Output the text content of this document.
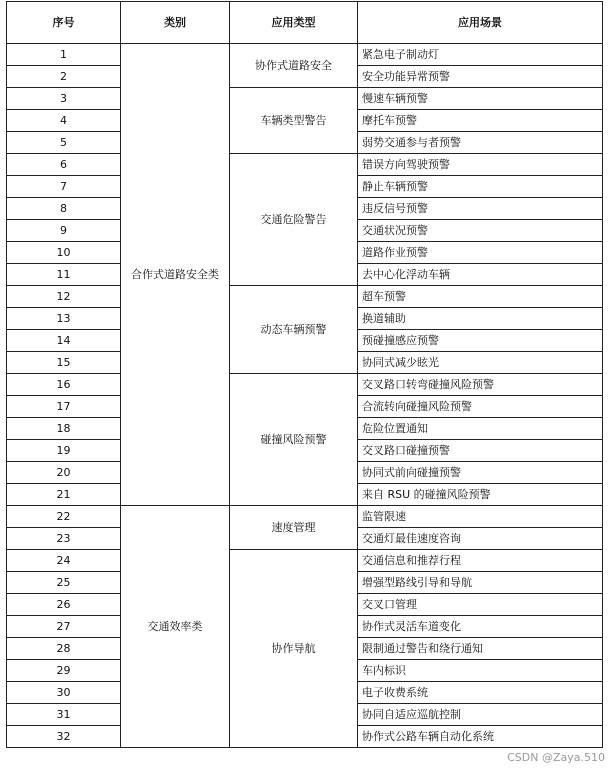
序号	类别	应用类型	应用场景
1	合作式道路安全类	协作式道路安全	紧急电子制动灯
2			安全功能异常预警
3		车辆类型警告	慢速车辆预警
4			摩托车预警
5			弱势交通参与者预警
6		交通危险警告	错误方向驾驶预警
7			静止车辆预警
8			违反信号预警
9			交通状况预警
10			道路作业预警
11			去中心化浮动车辆
12		动态车辆预警	超车预警
13			换道辅助
14			预碰撞感应预警
15			协同式减少眩光
16		碰撞风险预警	交叉路口转弯碰撞风险预警
17			合流转向碰撞风险预警
18			危险位置通知
19			交叉路口碰撞预警
20			协同式前向碰撞预警
21			来自 RSU 的碰撞风险预警
22	交通效率类	速度管理	监管限速
23			交通灯最佳速度咨询
24		协作导航	交通信息和推荐行程
25			增强型路线引导和导航
26			交叉口管理
27			协作式灵活车道变化
28			限制通过警告和绕行通知
29			车内标识
30			电子收费系统
31			协同自适应巡航控制
32			协作式公路车辆自动化系统
CSDN @Zaya.510
